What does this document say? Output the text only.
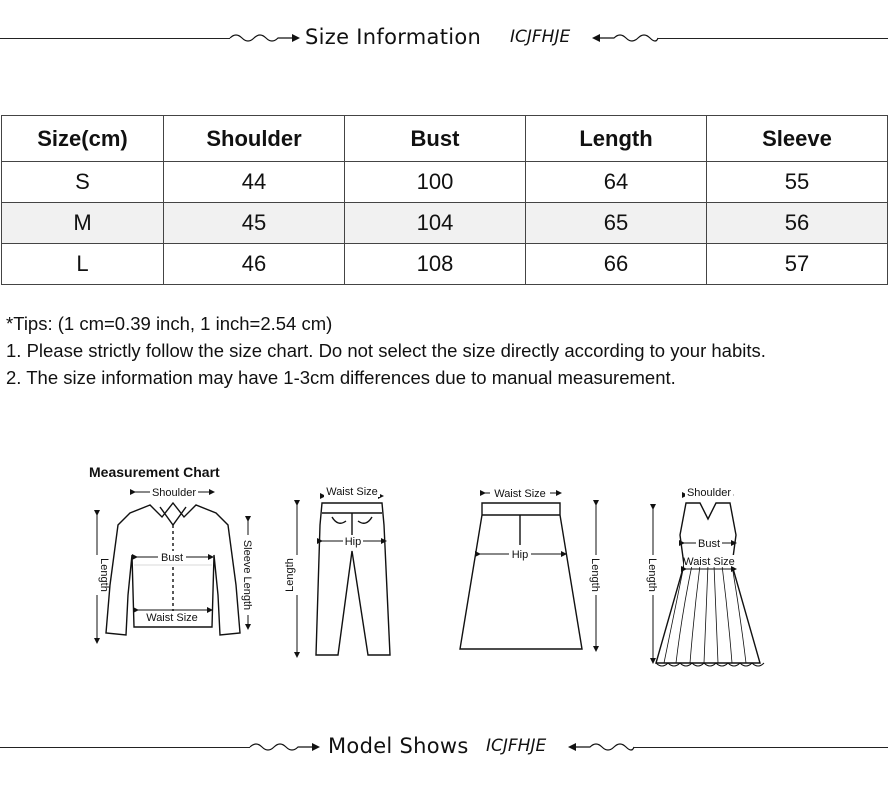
Size Information ICJFHJE
Size(cm)	Shoulder	Bust	Length	Sleeve
S	44	100	64	55
M	45	104	65	56
L	46	108	66	57
*Tips: (1 cm=0.39 inch, 1 inch=2.54 cm)
1. Please strictly follow the size chart. Do not select the size directly according to your habits.
2. The size information may have 1-3cm differences due to manual measurement.
Measurement Chart
Shoulder
Bust
Waist Size
Length	Sleeve Length
Waist Size
Hip
Length
Waist Size
Hip
Length
Shoulder
Bust
Waist Size
Length
Model Shows ICJFHJE
